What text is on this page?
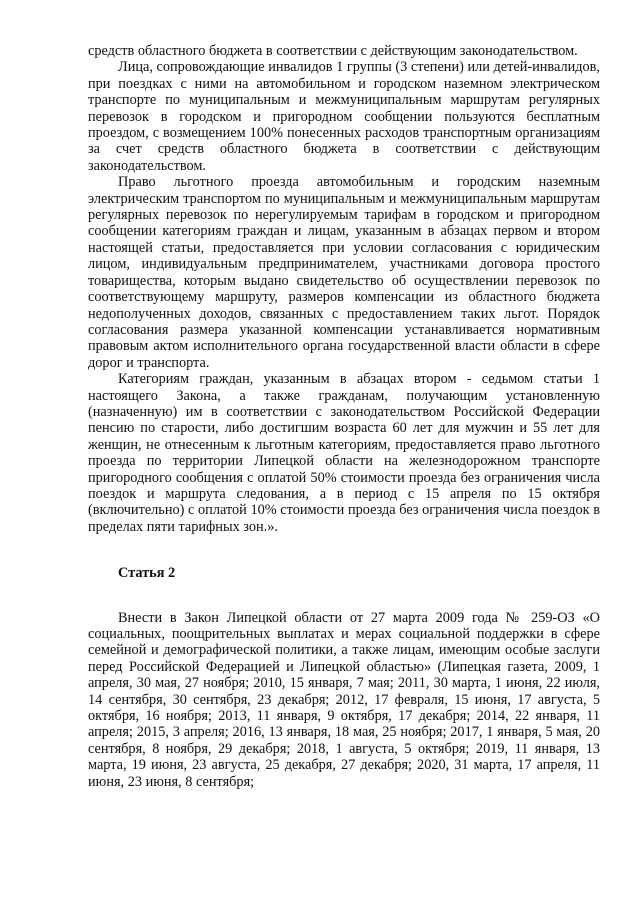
средств областного бюджета в соответствии с действующим законодательством.

Лица, сопровождающие инвалидов 1 группы (3 степени) или детей-инвалидов, при поездках с ними на автомобильном и городском наземном электрическом транспорте по муниципальным и межмуниципальным маршрутам регулярных перевозок в городском и пригородном сообщении пользуются бесплатным проездом, с возмещением 100% понесенных расходов транспортным организациям за счет средств областного бюджета в соответствии с действующим законодательством.

Право льготного проезда автомобильным и городским наземным электрическим транспортом по муниципальным и межмуниципальным маршрутам регулярных перевозок по нерегулируемым тарифам в городском и пригородном сообщении категориям граждан и лицам, указанным в абзацах первом и втором настоящей статьи, предоставляется при условии согласования с юридическим лицом, индивидуальным предпринимателем, участниками договора простого товарищества, которым выдано свидетельство об осуществлении перевозок по соответствующему маршруту, размеров компенсации из областного бюджета недополученных доходов, связанных с предоставлением таких льгот. Порядок согласования размера указанной компенсации устанавливается нормативным правовым актом исполнительного органа государственной власти области в сфере дорог и транспорта.

Категориям граждан, указанным в абзацах втором - седьмом статьи 1 настоящего Закона, а также гражданам, получающим установленную (назначенную) им в соответствии с законодательством Российской Федерации пенсию по старости, либо достигшим возраста 60 лет для мужчин и 55 лет для женщин, не отнесенным к льготным категориям, предоставляется право льготного проезда по территории Липецкой области на железнодорожном транспорте пригородного сообщения с оплатой 50% стоимости проезда без ограничения числа поездок и маршрута следования, а в период с 15 апреля по 15 октября (включительно) с оплатой 10% стоимости проезда без ограничения числа поездок в пределах пяти тарифных зон.».

Статья 2

Внести в Закон Липецкой области от 27 марта 2009 года № 259-ОЗ «О социальных, поощрительных выплатах и мерах социальной поддержки в сфере семейной и демографической политики, а также лицам, имеющим особые заслуги перед Российской Федерацией и Липецкой областью» (Липецкая газета, 2009, 1 апреля, 30 мая, 27 ноября; 2010, 15 января, 7 мая; 2011, 30 марта, 1 июня, 22 июля, 14 сентября, 30 сентября, 23 декабря; 2012, 17 февраля, 15 июня, 17 августа, 5 октября, 16 ноября; 2013, 11 января, 9 октября, 17 декабря; 2014, 22 января, 11 апреля; 2015, 3 апреля; 2016, 13 января, 18 мая, 25 ноября; 2017, 1 января, 5 мая, 20 сентября, 8 ноября, 29 декабря; 2018, 1 августа, 5 октября; 2019, 11 января, 13 марта, 19 июня, 23 августа, 25 декабря, 27 декабря; 2020, 31 марта, 17 апреля, 11 июня, 23 июня, 8 сентября;
